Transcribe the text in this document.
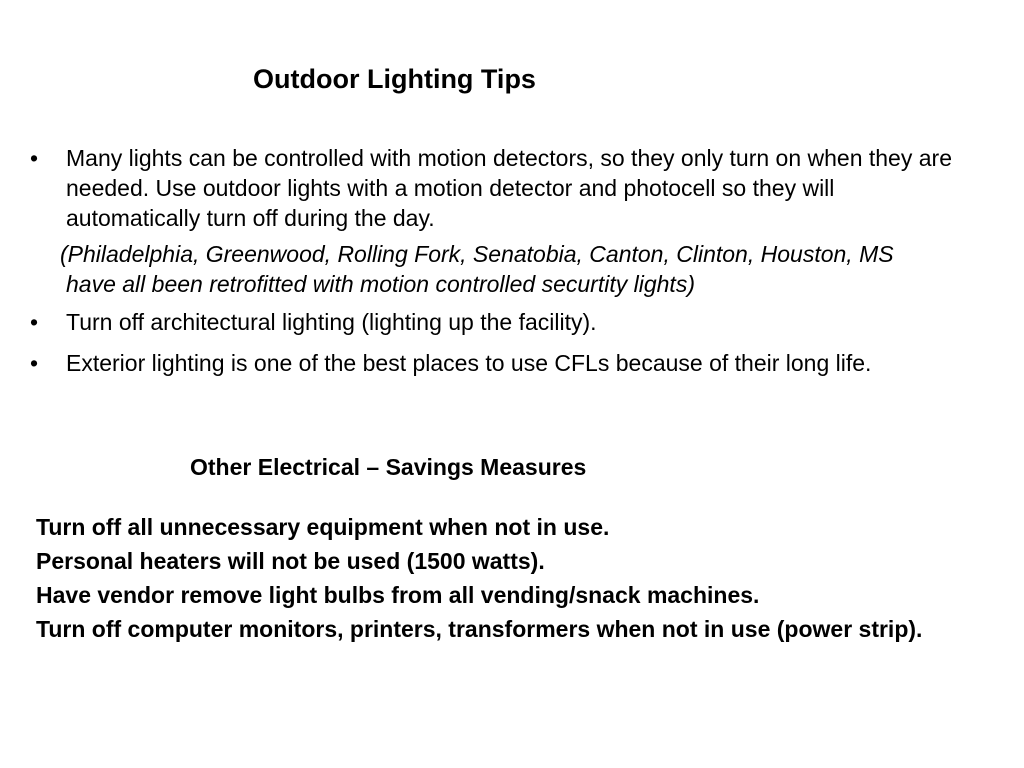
Outdoor Lighting Tips
•	Many lights can be controlled with motion detectors, so they only turn on when they are needed. Use outdoor lights with a motion detector and photocell so they will automatically turn off during the day.
(Philadelphia, Greenwood, Rolling Fork, Senatobia, Canton, Clinton, Houston, MS have all been retrofitted with motion controlled securtity lights)
•	Turn off architectural lighting (lighting up the facility).
•	Exterior lighting is one of the best places to use CFLs because of their long life.
Other Electrical – Savings Measures
Turn off all unnecessary equipment when not in use.
Personal heaters will not be used (1500 watts).
Have vendor remove light bulbs from all vending/snack machines.
Turn off computer monitors, printers, transformers when not in use (power strip).
